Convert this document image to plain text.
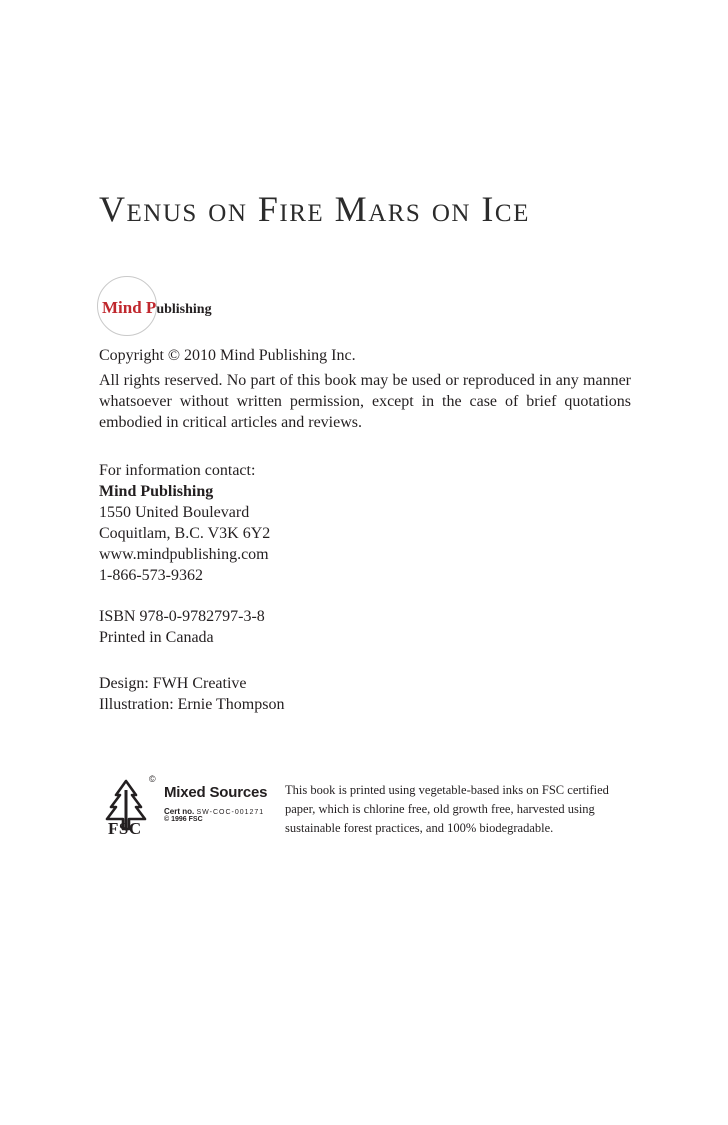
Venus on Fire Mars on Ice
Mind Publishing
Copyright © 2010 Mind Publishing Inc.
All rights reserved. No part of this book may be used or reproduced in any manner whatsoever without written permission, except in the case of brief quotations embodied in critical articles and reviews.

For information contact:

Mind Publishing

1550 United Boulevard

Coquitlam, B.C. V3K 6Y2

www.mindpublishing.com

1-866-573-9362

ISBN 978-0-9782797-3-8

Printed in Canada

Design: FWH Creative

Illustration: Ernie Thompson

©
FSC
Mixed Sources
Cert no. SW-COC-001271
© 1996 FSC
This book is printed using vegetable-based inks on FSC certified paper, which is chlorine free, old growth free, harvested using sustainable forest practices, and 100% biodegradable.
